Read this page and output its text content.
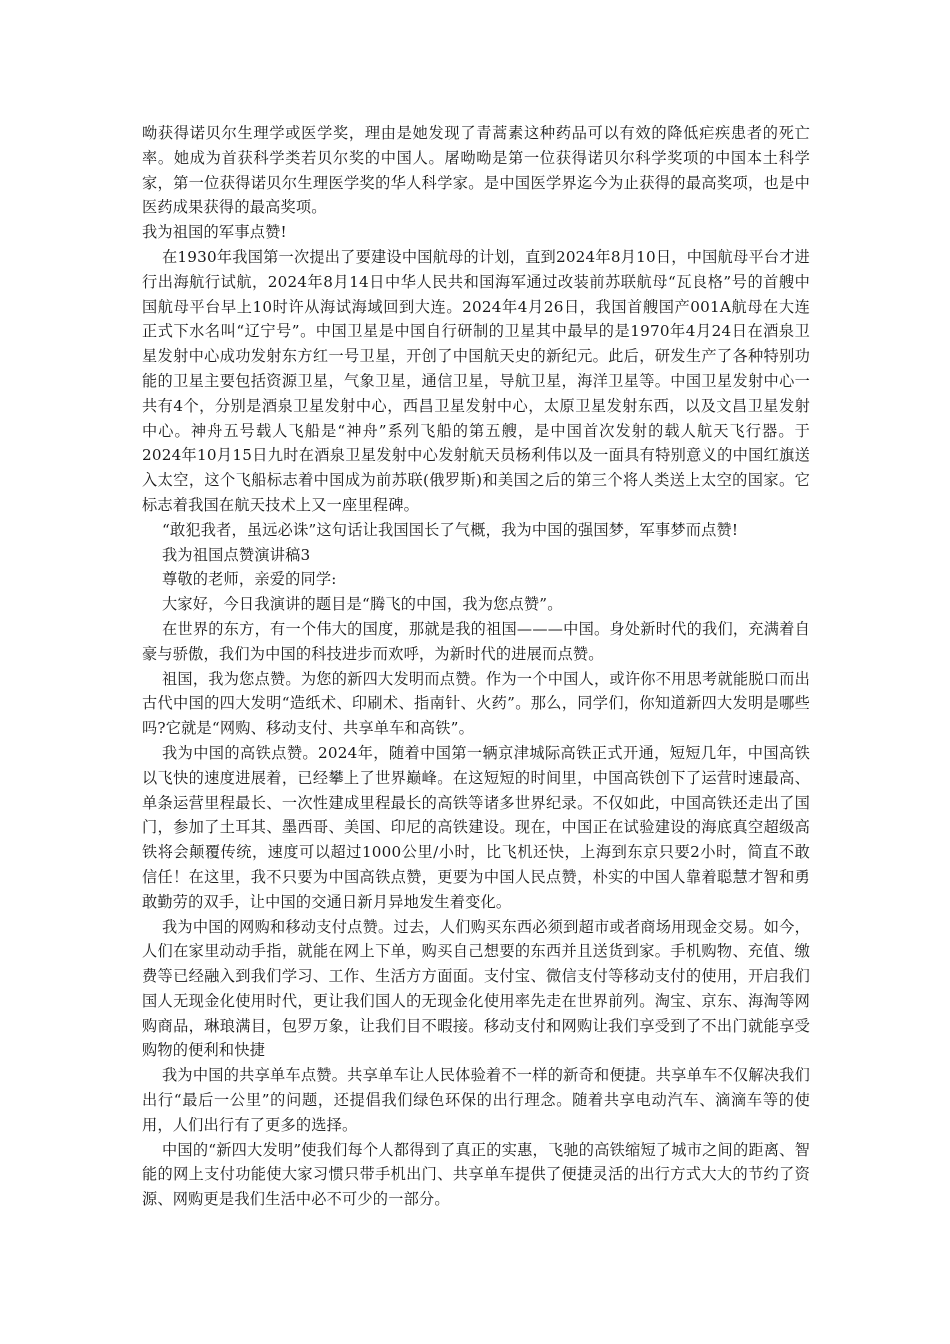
呦获得诺贝尔生理学或医学奖，理由是她发现了青蒿素这种药品可以有效的降低疟疾患者的死亡率。她成为首获科学类若贝尔奖的中国人。屠呦呦是第一位获得诺贝尔科学奖项的中国本土科学家，第一位获得诺贝尔生理医学奖的华人科学家。是中国医学界迄今为止获得的最高奖项，也是中医药成果获得的最高奖项。

我为祖国的军事点赞!

在1930年我国第一次提出了要建设中国航母的计划，直到2024年8月10日，中国航母平台才进行出海航行试航，2024年8月14日中华人民共和国海军通过改装前苏联航母“瓦良格”号的首艘中国航母平台早上10时许从海试海域回到大连。2024年4月26日，我国首艘国产001A航母在大连正式下水名叫“辽宁号”。中国卫星是中国自行研制的卫星其中最早的是1970年4月24日在酒泉卫星发射中心成功发射东方红一号卫星，开创了中国航天史的新纪元。此后，研发生产了各种特别功能的卫星主要包括资源卫星，气象卫星，通信卫星，导航卫星，海洋卫星等。中国卫星发射中心一共有4个，分别是酒泉卫星发射中心，西昌卫星发射中心，太原卫星发射东西，以及文昌卫星发射中心。神舟五号载人飞船是“神舟”系列飞船的第五艘，是中国首次发射的载人航天飞行器。于2024年10月15日九时在酒泉卫星发射中心发射航天员杨利伟以及一面具有特别意义的中国红旗送入太空，这个飞船标志着中国成为前苏联(俄罗斯)和美国之后的第三个将人类送上太空的国家。它标志着我国在航天技术上又一座里程碑。

“敢犯我者，虽远必诛”这句话让我国国长了气概，我为中国的强国梦，军事梦而点赞!

我为祖国点赞演讲稿3

尊敬的老师，亲爱的同学:

大家好，今日我演讲的题目是“腾飞的中国，我为您点赞”。

在世界的东方，有一个伟大的国度，那就是我的祖国———中国。身处新时代的我们，充满着自豪与骄傲，我们为中国的科技进步而欢呼，为新时代的进展而点赞。

祖国，我为您点赞。为您的新四大发明而点赞。作为一个中国人，或许你不用思考就能脱口而出古代中国的四大发明“造纸术、印刷术、指南针、火药”。那么，同学们，你知道新四大发明是哪些吗?它就是“网购、移动支付、共享单车和高铁”。

我为中国的高铁点赞。2024年，随着中国第一辆京津城际高铁正式开通，短短几年，中国高铁以飞快的速度进展着，已经攀上了世界巅峰。在这短短的时间里，中国高铁创下了运营时速最高、单条运营里程最长、一次性建成里程最长的高铁等诸多世界纪录。不仅如此，中国高铁还走出了国门，参加了土耳其、墨西哥、美国、印尼的高铁建设。现在，中国正在试验建设的海底真空超级高铁将会颠覆传统，速度可以超过1000公里/小时，比飞机还快，上海到东京只要2小时，简直不敢信任！在这里，我不只要为中国高铁点赞，更要为中国人民点赞，朴实的中国人靠着聪慧才智和勇敢勤劳的双手，让中国的交通日新月异地发生着变化。

我为中国的网购和移动支付点赞。过去，人们购买东西必须到超市或者商场用现金交易。如今，人们在家里动动手指，就能在网上下单，购买自己想要的东西并且送货到家。手机购物、充值、缴费等已经融入到我们学习、工作、生活方方面面。支付宝、微信支付等移动支付的使用，开启我们国人无现金化使用时代，更让我们国人的无现金化使用率先走在世界前列。淘宝、京东、海淘等网购商品，琳琅满目，包罗万象，让我们目不暇接。移动支付和网购让我们享受到了不出门就能享受购物的便利和快捷

我为中国的共享单车点赞。共享单车让人民体验着不一样的新奇和便捷。共享单车不仅解决我们出行“最后一公里”的问题，还提倡我们绿色环保的出行理念。随着共享电动汽车、滴滴车等的使用，人们出行有了更多的选择。

中国的“新四大发明”使我们每个人都得到了真正的实惠，飞驰的高铁缩短了城市之间的距离、智能的网上支付功能使大家习惯只带手机出门、共享单车提供了便捷灵活的出行方式大大的节约了资源、网购更是我们生活中必不可少的一部分。
